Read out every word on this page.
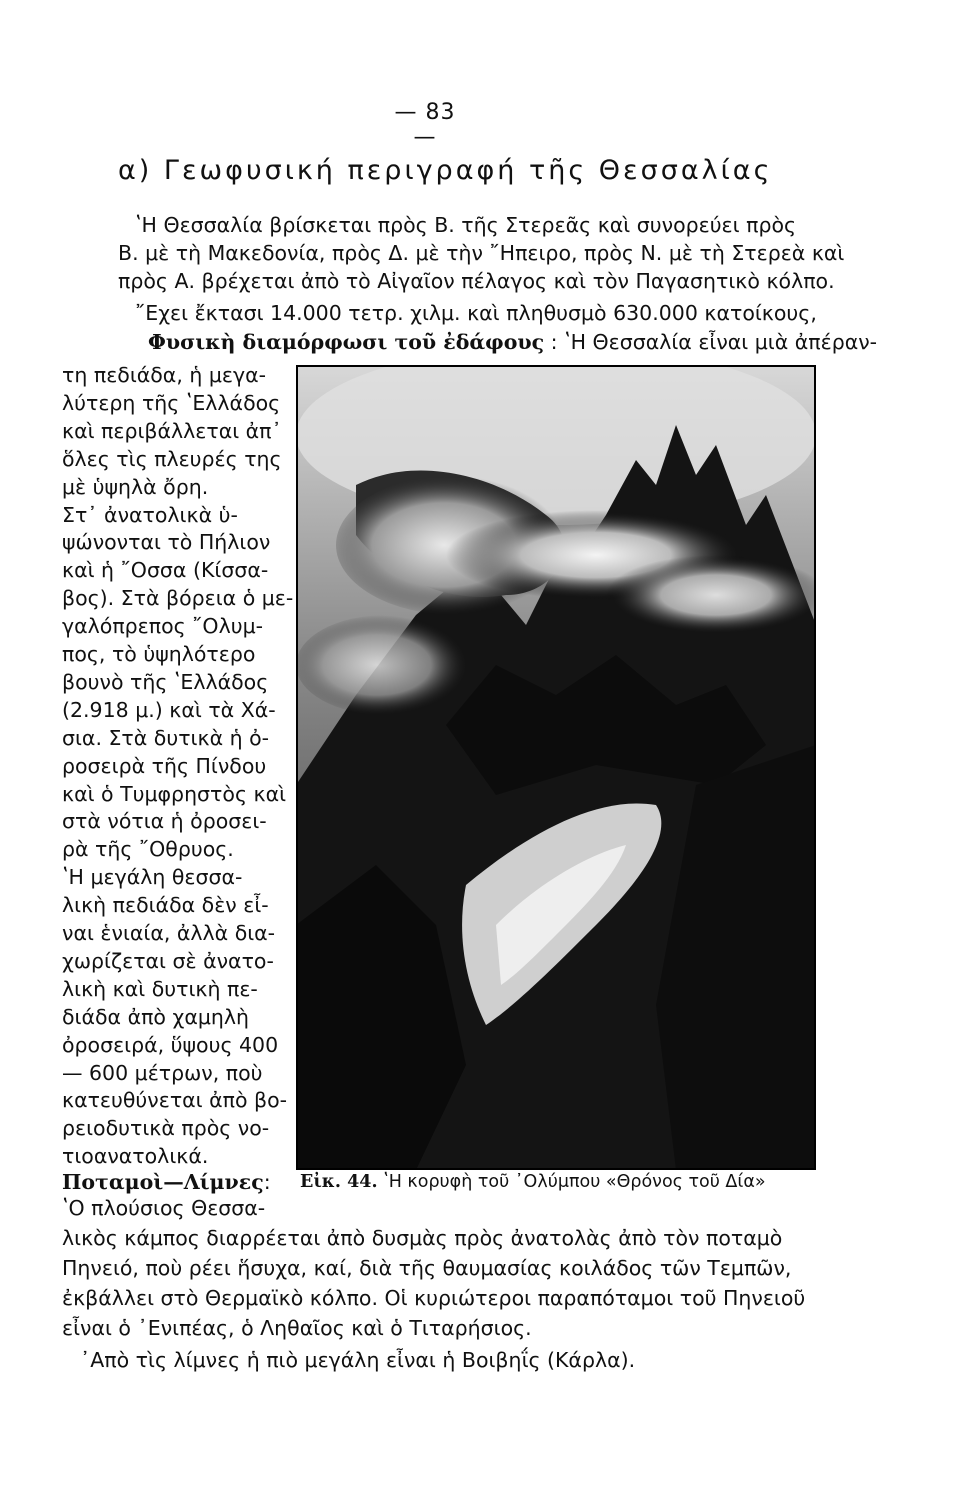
— 83 —
α) Γεωφυσική περιγραφή τῆς Θεσσαλίας
ʽΗ Θεσσαλία βρίσκεται πρὸς Β. τῆς Στερεᾶς καὶ συνορεύει πρὸς
Β. μὲ τὴ Μακεδονία, πρὸς Δ. μὲ τὴν ῎Ηπειρο, πρὸς Ν. μὲ τὴ Στερεὰ καὶ
πρὸς Α. βρέχεται ἀπὸ τὸ Αἰγαῖον πέλαγος καὶ τὸν Παγασητικὸ κόλπο.
῎Εχει ἔκτασι 14.000 τετρ. χιλμ. καὶ πληθυσμὸ 630.000 κατοίκους,
Φυσικὴ διαμόρφωσι τοῦ ἐδάφους : ʽΗ Θεσσαλία εἶναι μιὰ ἀπέραν-
τη πεδιάδα, ἡ μεγα-
λύτερη τῆς ʽΕλλάδος
καὶ περιβάλλεται ἀπ᾽
ὅλες τὶς πλευρές της
μὲ ὑψηλὰ ὄρη.
Στ᾽ ἀνατολικὰ ὑ-
ψώνονται τὸ Πήλιον
καὶ ἡ ῎Οσσα (Κίσσα-
βος). Στὰ βόρεια ὁ με-
γαλόπρεπος ῎Ολυμ-
πος, τὸ ὑψηλότερο
βουνὸ τῆς ʽΕλλάδος
(2.918 μ.) καὶ τὰ Χά-
σια. Στὰ δυτικὰ ἡ ὀ-
ροσειρὰ τῆς Πίνδου
καὶ ὁ Τυμφρηστὸς καὶ
στὰ νότια ἡ ὀροσει-
ρὰ τῆς ῎Οθρυος.
ʽΗ μεγάλη θεσσα-
λικὴ πεδιάδα δὲν εἶ-
ναι ἑνιαία, ἀλλὰ δια-
χωρίζεται σὲ ἀνατο-
λικὴ καὶ δυτικὴ πε-
διάδα ἀπὸ χαμηλὴ
ὀροσειρά, ὕψους 400
— 600 μέτρων, ποὺ
κατευθύνεται ἀπὸ βο-
ρειοδυτικὰ πρὸς νο-
τιοανατολικά.
Ποταμοὶ—Λίμνες: Εἰκ. 44. ʽΗ κορυφὴ τοῦ ᾽Ολύμπου «Θρόνος τοῦ Δία»
ʽΟ πλούσιος Θεσσα-
λικὸς κάμπος διαρρέεται ἀπὸ δυσμὰς πρὸς ἀνατολὰς ἀπὸ τὸν ποταμὸ
Πηνειό, ποὺ ρέει ἥσυχα, καί, διὰ τῆς θαυμασίας κοιλάδος τῶν Τεμπῶν,
ἐκβάλλει στὸ Θερμαϊκὸ κόλπο. Οἱ κυριώτεροι παραπόταμοι τοῦ Πηνειοῦ
εἶναι ὁ ᾽Ενιπέας, ὁ Ληθαῖος καὶ ὁ Τιταρήσιος.
᾽Απὸ τὶς λίμνες ἡ πιὸ μεγάλη εἶναι ἡ Βοιβηΐς (Κάρλα).
